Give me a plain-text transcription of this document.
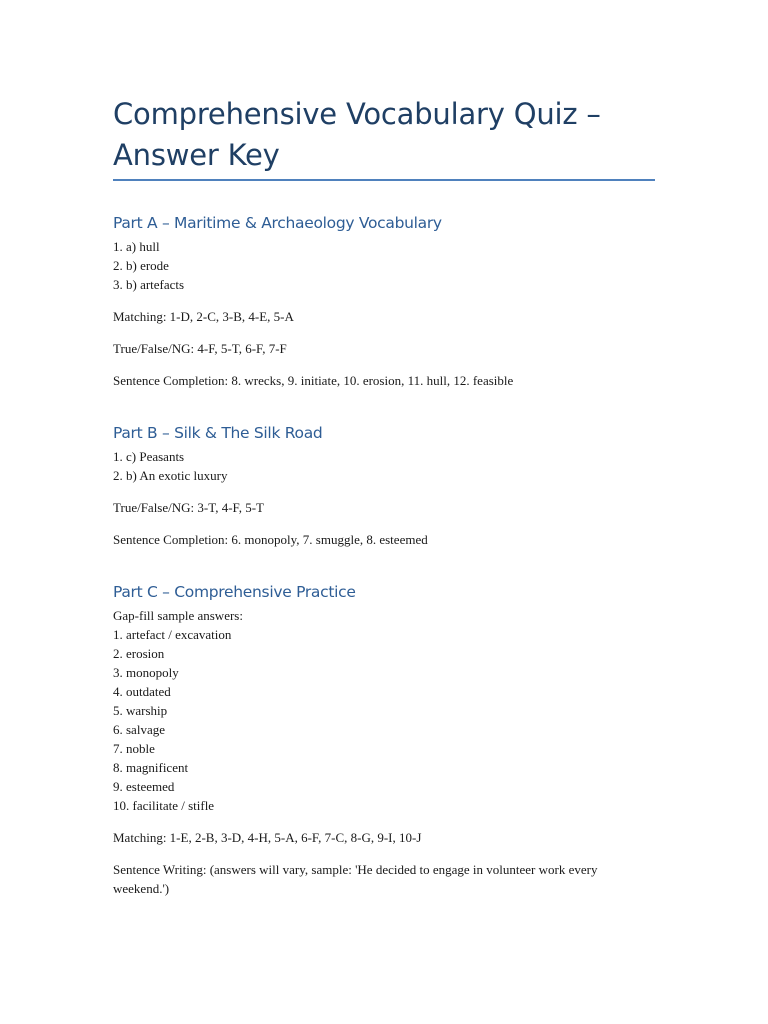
Comprehensive Vocabulary Quiz – Answer Key
Part A – Maritime & Archaeology Vocabulary

1. a) hull

2. b) erode

3. b) artefacts

Matching: 1-D, 2-C, 3-B, 4-E, 5-A

True/False/NG: 4-F, 5-T, 6-F, 7-F

Sentence Completion: 8. wrecks, 9. initiate, 10. erosion, 11. hull, 12. feasible

Part B – Silk & The Silk Road

1. c) Peasants

2. b) An exotic luxury

True/False/NG: 3-T, 4-F, 5-T

Sentence Completion: 6. monopoly, 7. smuggle, 8. esteemed

Part C – Comprehensive Practice

Gap-fill sample answers:

1. artefact / excavation
2. erosion
3. monopoly
4. outdated
5. warship
6. salvage
7. noble
8. magnificent
9. esteemed
10. facilitate / stifle

Matching: 1-E, 2-B, 3-D, 4-H, 5-A, 6-F, 7-C, 8-G, 9-I, 10-J

Sentence Writing: (answers will vary, sample: 'He decided to engage in volunteer work every weekend.')
